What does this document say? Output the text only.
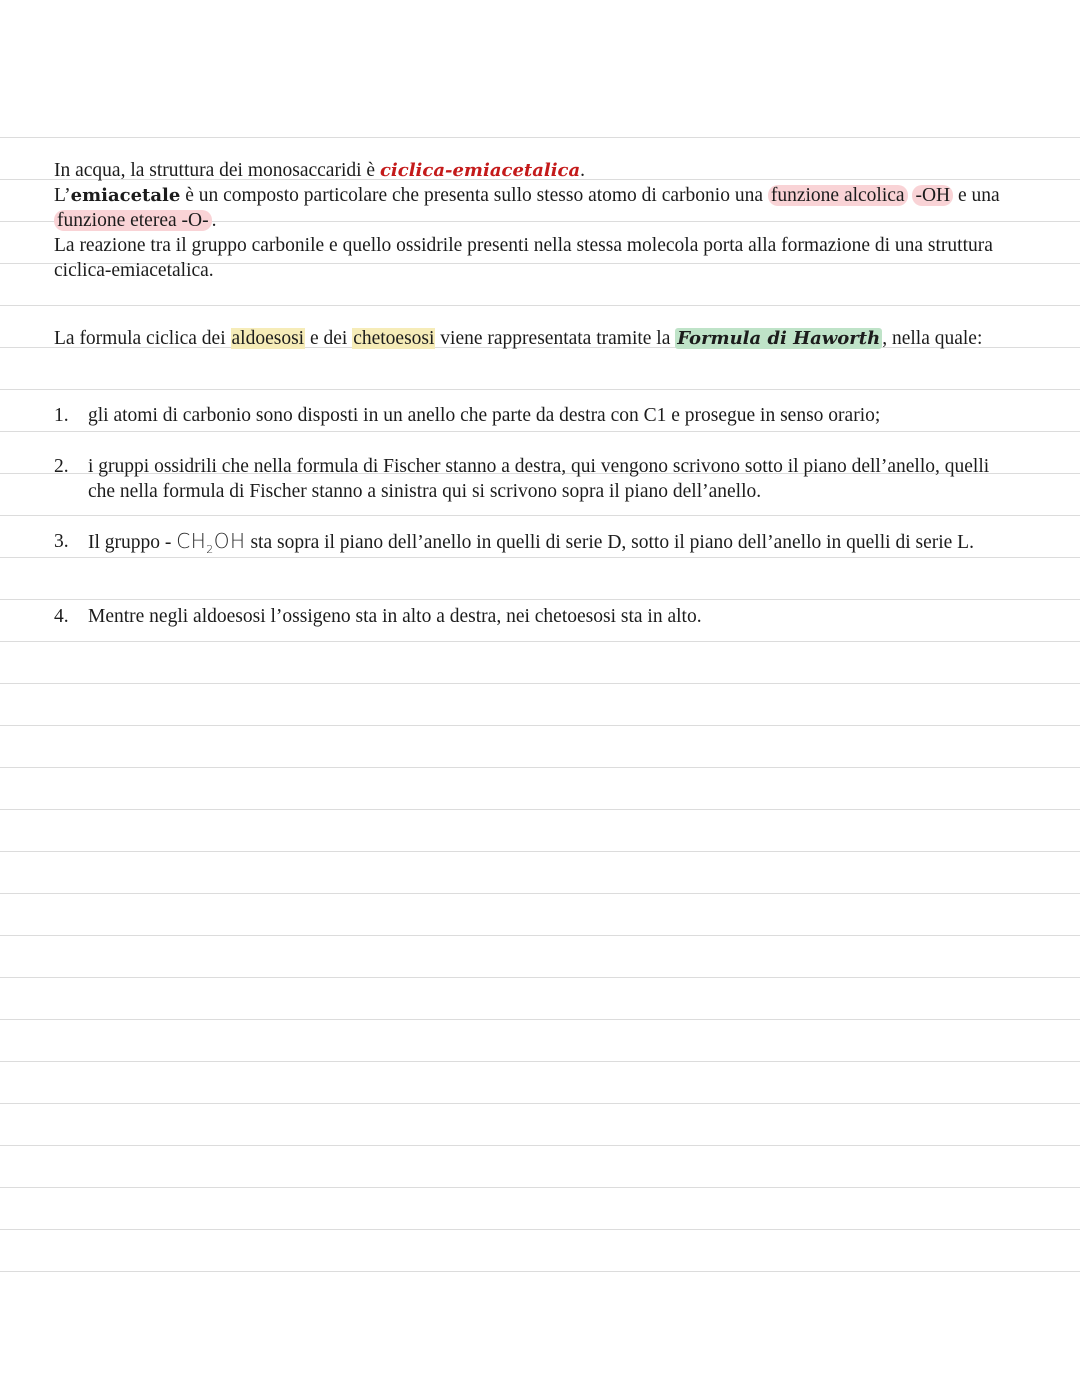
In acqua, la struttura dei monosaccaridi è ciclica-emiacetalica.
L’emiacetale è un composto particolare che presenta sullo stesso atomo di carbonio una funzione alcolica -OH e una funzione eterea -O- .
La reazione tra il gruppo carbonile e quello ossidrile presenti nella stessa molecola porta alla formazione di una struttura ciclica-emiacetalica.

La formula ciclica dei aldoesosi e dei chetoesosi viene rappresentata tramite la Formula di Haworth , nella quale:

1. gli atomi di carbonio sono disposti in un anello che parte da destra con C1 e prosegue in senso orario;
2. i gruppi ossidrili che nella formula di Fischer stanno a destra, qui vengono scrivono sotto il piano dell’anello, quelli che nella formula di Fischer stanno a sinistra qui si scrivono sopra il piano dell’anello.
3. Il gruppo - $CH_2OH$ sta sopra il piano dell’anello in quelli di serie D, sotto il piano dell’anello in quelli di serie L.
4. Mentre negli aldoesosi l’ossigeno sta in alto a destra, nei chetoesosi sta in alto.
